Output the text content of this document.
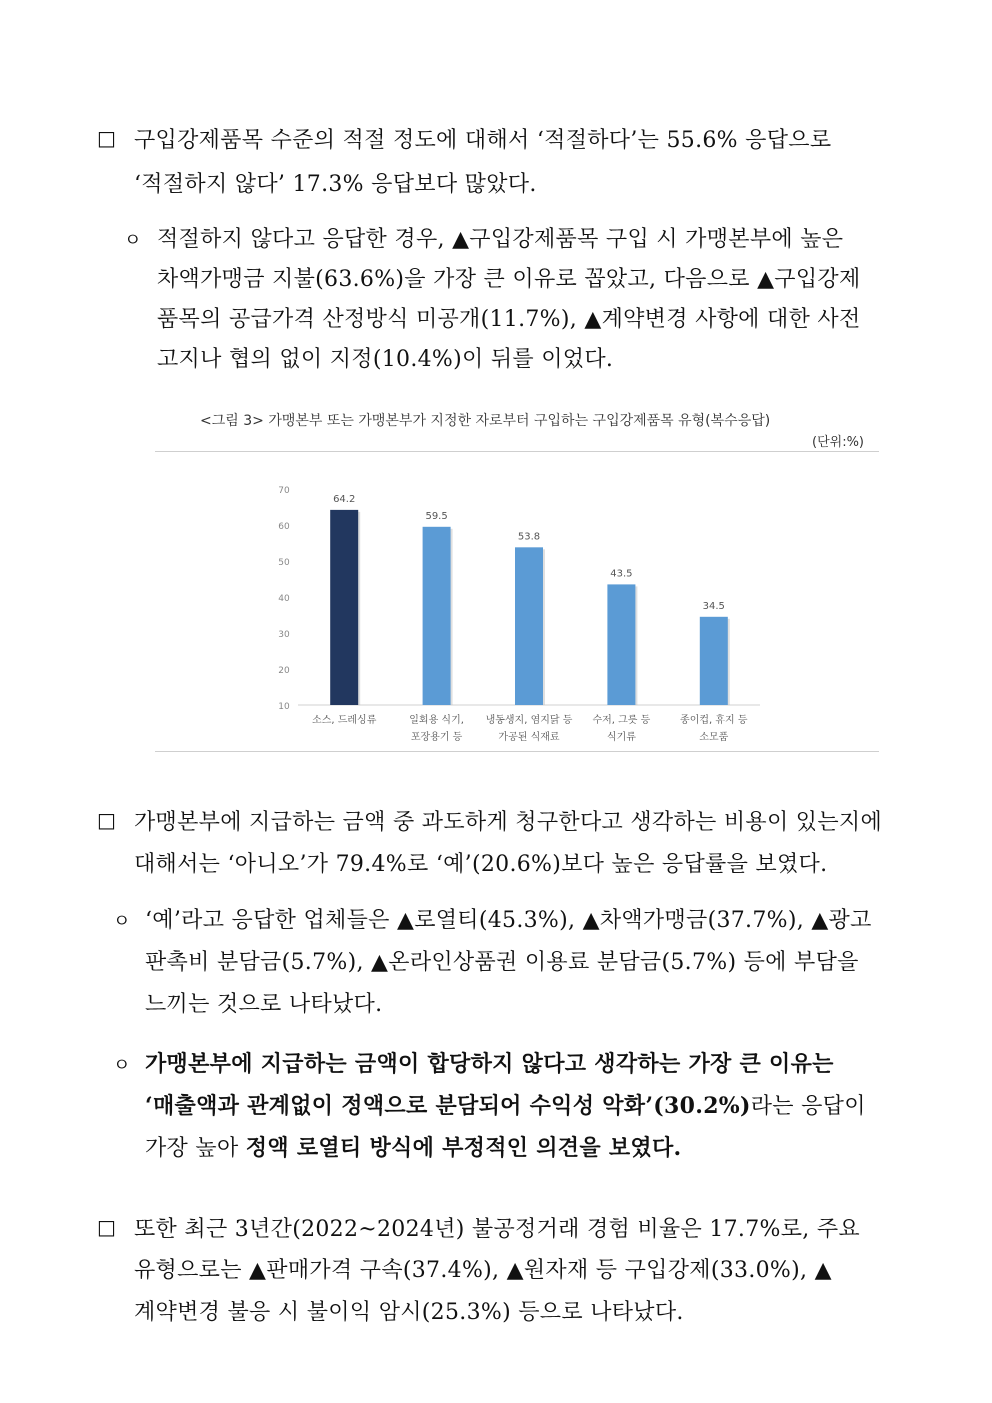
□ 구입강제품목 수준의 적절 정도에 대해서 ‘적절하다’는 55.6% 응답으로
‘적절하지 않다’ 17.3% 응답보다 많았다.
ㅇ 적절하지 않다고 응답한 경우, ▲구입강제품목 구입 시 가맹본부에 높은
차액가맹금 지불(63.6%)을 가장 큰 이유로 꼽았고, 다음으로 ▲구입강제
품목의 공급가격 산정방식 미공개(11.7%), ▲계약변경 사항에 대한 사전
고지나 협의 없이 지정(10.4%)이 뒤를 이었다.
<그림 3> 가맹본부 또는 가맹본부가 지정한 자로부터 구입하는 구입강제품목 유형(복수응답)
(단위:%)
10
20
30
40
50
60
70
64.2
소스, 드레싱류
59.5
일회용 식기,
포장용기 등
53.8
냉동생지, 염지닭 등
가공된 식재료
43.5
수저, 그릇 등
식기류
34.5
종이컵, 휴지 등
소모품
□ 가맹본부에 지급하는 금액 중 과도하게 청구한다고 생각하는 비용이 있는지에
대해서는 ‘아니오’가 79.4%로 ‘예’(20.6%)보다 높은 응답률을 보였다.
ㅇ ‘예’라고 응답한 업체들은 ▲로열티(45.3%), ▲차액가맹금(37.7%), ▲광고
판촉비 분담금(5.7%), ▲온라인상품권 이용료 분담금(5.7%) 등에 부담을
느끼는 것으로 나타났다.
ㅇ 가맹본부에 지급하는 금액이 합당하지 않다고 생각하는 가장 큰 이유는
‘매출액과 관계없이 정액으로 분담되어 수익성 악화’(30.2%)라는 응답이
가장 높아 정액 로열티 방식에 부정적인 의견을 보였다.
□ 또한 최근 3년간(2022~2024년) 불공정거래 경험 비율은 17.7%로, 주요
유형으로는 ▲판매가격 구속(37.4%), ▲원자재 등 구입강제(33.0%), ▲
계약변경 불응 시 불이익 암시(25.3%) 등으로 나타났다.
